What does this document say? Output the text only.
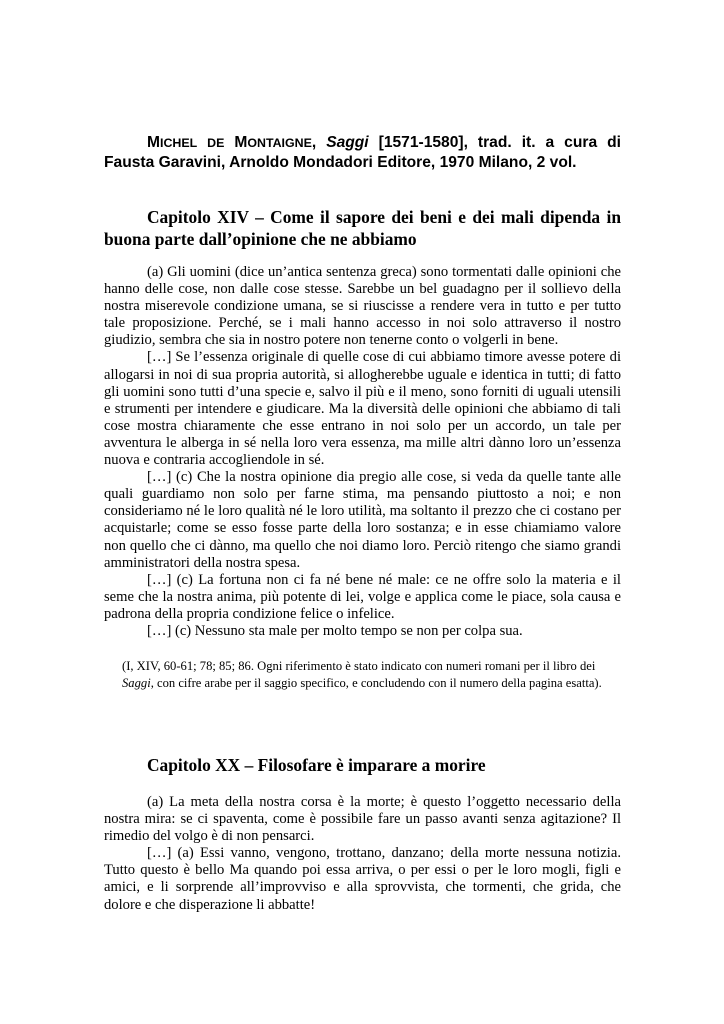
MICHEL DE MONTAIGNE, Saggi [1571-1580], trad. it. a cura di Fausta Garavini, Arnoldo Mondadori Editore, 1970 Milano, 2 vol.
Capitolo XIV – Come il sapore dei beni e dei mali dipenda in buona parte dall’opinione che ne abbiamo

(a) Gli uomini (dice un’antica sentenza greca) sono tormentati dalle opinioni che hanno delle cose, non dalle cose stesse. Sarebbe un bel guadagno per il sollievo della nostra miserevole condizione umana, se si riuscisse a rendere vera in tutto e per tutto tale proposizione. Perché, se i mali hanno accesso in noi solo attraverso il nostro giudizio, sembra che sia in nostro potere non tenerne conto o volgerli in bene.

[…] Se l’essenza originale di quelle cose di cui abbiamo timore avesse potere di allogarsi in noi di sua propria autorità, si allogherebbe uguale e identica in tutti; di fatto gli uomini sono tutti d’una specie e, salvo il più e il meno, sono forniti di uguali utensili e strumenti per intendere e giudicare. Ma la diversità delle opinioni che abbiamo di tali cose mostra chiaramente che esse entrano in noi solo per un accordo, un tale per avventura le alberga in sé nella loro vera essenza, ma mille altri dànno loro un’essenza nuova e contraria accogliendole in sé.

[…] (c) Che la nostra opinione dia pregio alle cose, si veda da quelle tante alle quali guardiamo non solo per farne stima, ma pensando piuttosto a noi; e non consideriamo né le loro qualità né le loro utilità, ma soltanto il prezzo che ci costano per acquistarle; come se esso fosse parte della loro sostanza; e in esse chiamiamo valore non quello che ci dànno, ma quello che noi diamo loro. Perciò ritengo che siamo grandi amministratori della nostra spesa.

[…] (c) La fortuna non ci fa né bene né male: ce ne offre solo la materia e il seme che la nostra anima, più potente di lei, volge e applica come le piace, sola causa e padrona della propria condizione felice o infelice.

[…] (c) Nessuno sta male per molto tempo se non per colpa sua.

(I, XIV, 60-61; 78; 85; 86. Ogni riferimento è stato indicato con numeri romani per il libro dei Saggi, con cifre arabe per il saggio specifico, e concludendo con il numero della pagina esatta).

Capitolo XX – Filosofare è imparare a morire

(a) La meta della nostra corsa è la morte; è questo l’oggetto necessario della nostra mira: se ci spaventa, come è possibile fare un passo avanti senza agitazione? Il rimedio del volgo è di non pensarci.

[…] (a) Essi vanno, vengono, trottano, danzano; della morte nessuna notizia. Tutto questo è bello Ma quando poi essa arriva, o per essi o per le loro mogli, figli e amici, e li sorprende all’improvviso e alla sprovvista, che tormenti, che grida, che dolore e che disperazione li abbatte!
